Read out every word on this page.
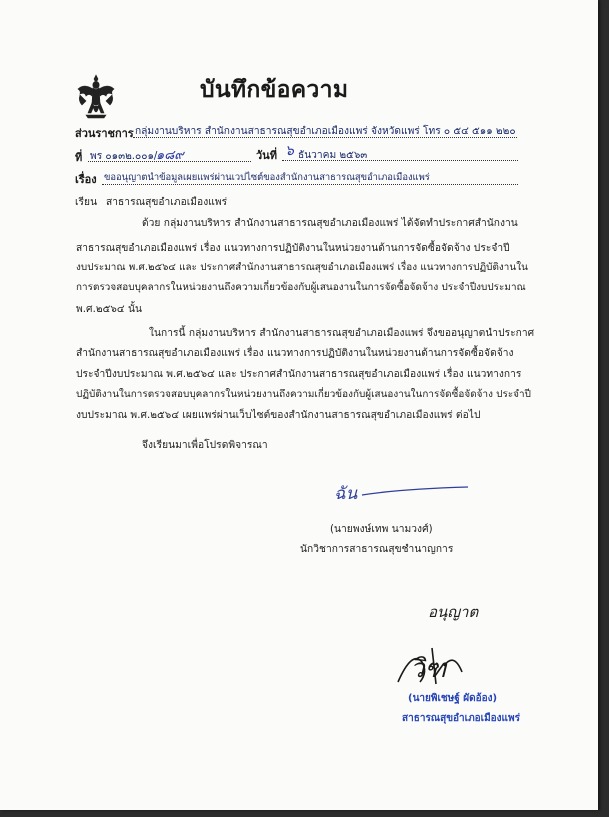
บันทึกข้อความ
ส่วนราชการ กลุ่มงานบริหาร สำนักงานสาธารณสุขอำเภอเมืองแพร่ จังหวัดแพร่ โทร ๐ ๕๔ ๕๑๑ ๒๒๐
ที่ พร ๐๑๓๒.๐๐๑/
๑๘๙	วันที่ ๖ ธันวาคม ๒๕๖๓
เรื่อง ขออนุญาตนำข้อมูลเผยแพร่ผ่านเวปไซต์ของสำนักงานสาธารณสุขอำเภอเมืองแพร่
เรียน สาธารณสุขอำเภอเมืองแพร่
ด้วย กลุ่มงานบริหาร สำนักงานสาธารณสุขอำเภอเมืองแพร่ ได้จัดทำประกาศสำนักงาน
สาธารณสุขอำเภอเมืองแพร่ เรื่อง แนวทางการปฏิบัติงานในหน่วยงานด้านการจัดซื้อจัดจ้าง ประจำปี
งบประมาณ พ.ศ.๒๕๖๔ และ ประกาศสำนักงานสาธารณสุขอำเภอเมืองแพร่ เรื่อง แนวทางการปฏิบัติงานใน
การตรวจสอบบุคลากรในหน่วยงานถึงความเกี่ยวข้องกับผู้เสนองานในการจัดซื้อจัดจ้าง ประจำปีงบประมาณ
พ.ศ.๒๕๖๔ นั้น
ในการนี้ กลุ่มงานบริหาร สำนักงานสาธารณสุขอำเภอเมืองแพร่ จึงขออนุญาตนำประกาศ
สำนักงานสาธารณสุขอำเภอเมืองแพร่ เรื่อง แนวทางการปฏิบัติงานในหน่วยงานด้านการจัดซื้อจัดจ้าง
ประจำปีงบประมาณ พ.ศ.๒๕๖๔ และ ประกาศสำนักงานสาธารณสุขอำเภอเมืองแพร่ เรื่อง แนวทางการ
ปฏิบัติงานในการตรวจสอบบุคลากรในหน่วยงานถึงความเกี่ยวข้องกับผู้เสนองานในการจัดซื้อจัดจ้าง ประจำปี
งบประมาณ พ.ศ.๒๕๖๔ เผยแพร่ผ่านเว็บไซต์ของสำนักงานสาธารณสุขอำเภอเมืองแพร่ ต่อไป
จึงเรียนมาเพื่อโปรดพิจารณา
ฉัน
(นายพงษ์เทพ นามวงศ์)
นักวิชาการสาธารณสุขชำนาญการ
อนุญาต
วิฑ
(นายพิเชษฐ์ ผัดอ้อง)
สาธารณสุขอำเภอเมืองแพร่
